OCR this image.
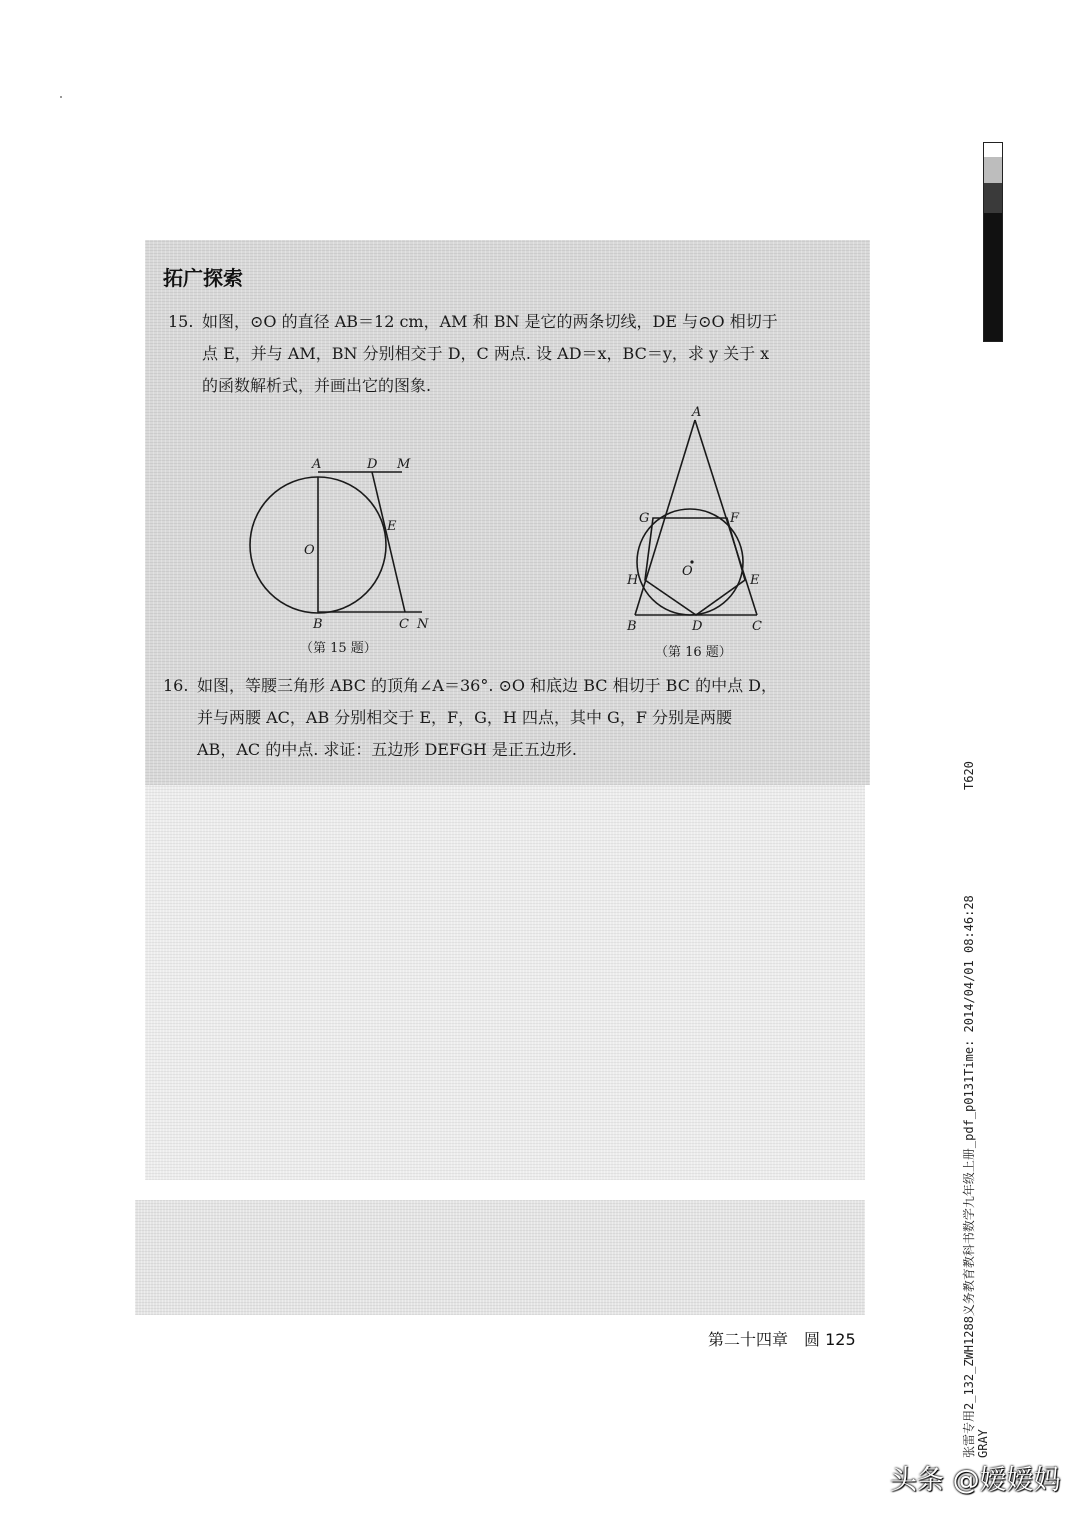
拓广探索
15. 如图，⊙O 的直径 AB＝12 cm，AM 和 BN 是它的两条切线，DE 与⊙O 相切于
点 E，并与 AM，BN 分别相交于 D，C 两点. 设 AD＝x，BC＝y，求 y 关于 x
的函数解析式，并画出它的图象.
A	D M
E
O
B	C N
（第 15 题）
A
G	F
O
H	E
B	D	C
（第 16 题）
16. 如图，等腰三角形 ABC 的顶角∠A＝36°. ⊙O 和底边 BC 相切于 BC 的中点 D，
并与两腰 AC，AB 分别相交于 E，F，G，H 四点，其中 G，F 分别是两腰
AB，AC 的中点. 求证：五边形 DEFGH 是正五边形.
第二十四章　圆 125
T620
张雷专用2_132_ZWH1288义务教育教科书数学九年级上册_pdf_p0131Time: 2014/04/01 08:46:28 GRAY
头条 @嫒嫒妈
